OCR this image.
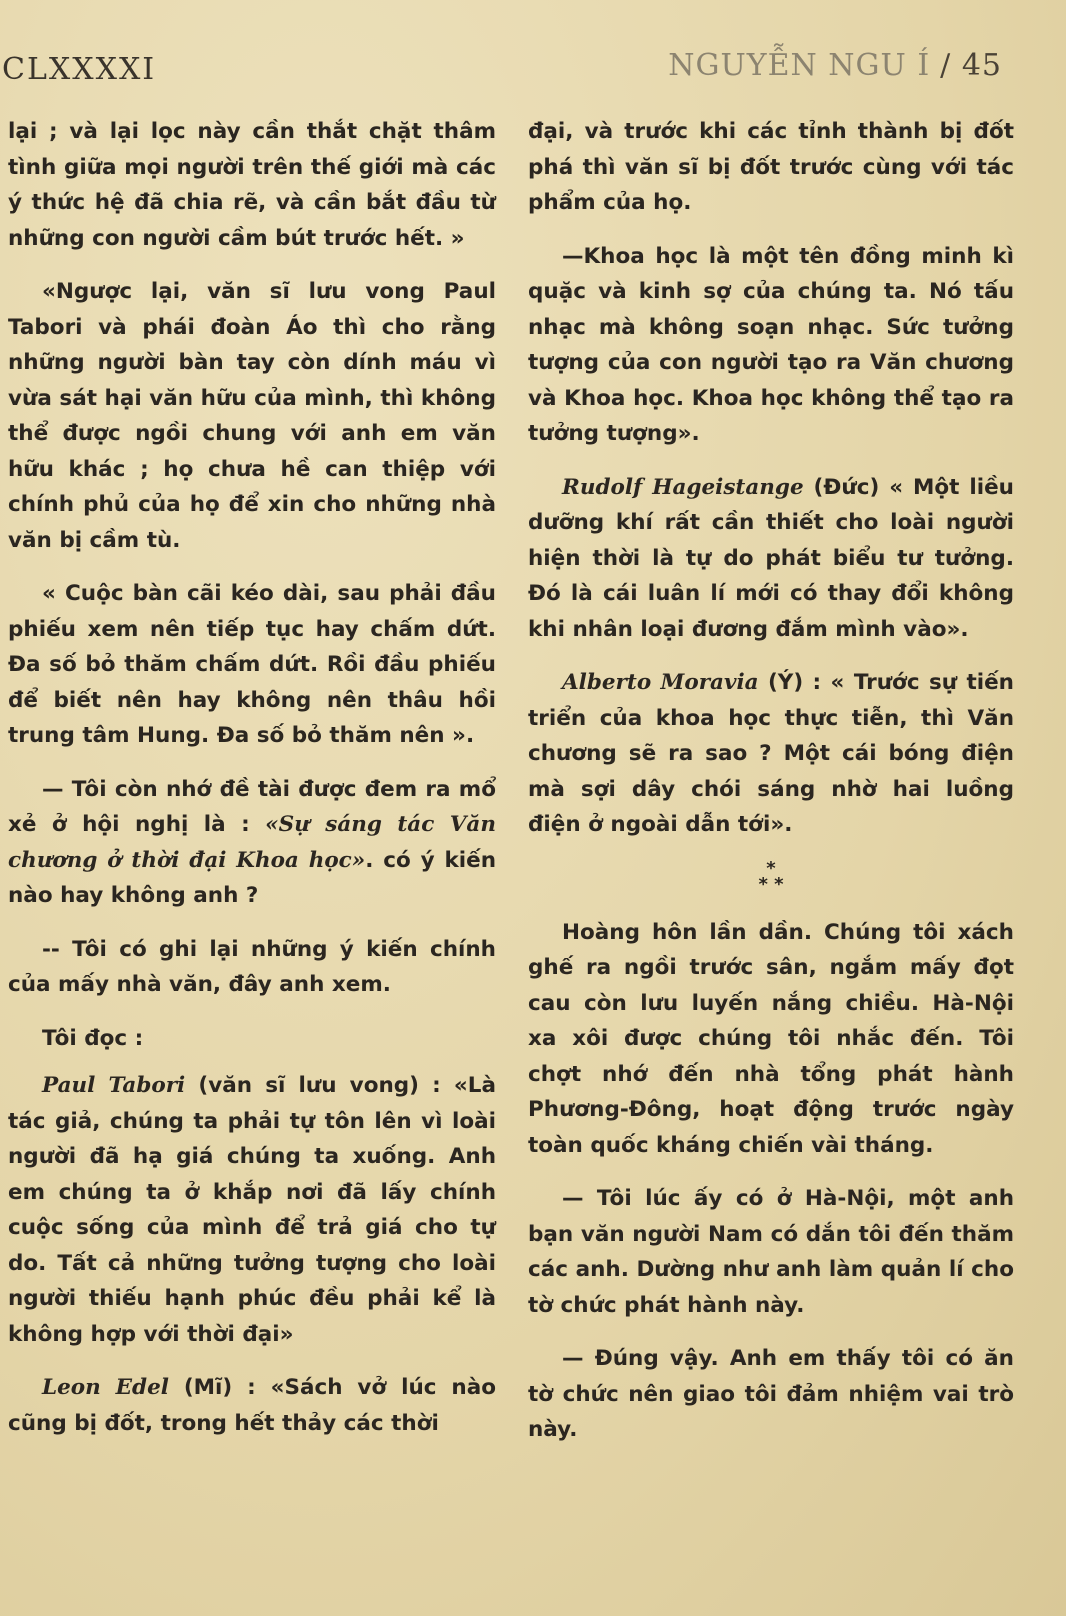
CLXXXXI	NGUYỄN NGU Í / 45

lại ; và lại lọc này cần thắt chặt thâm tình giữa mọi người trên thế giới mà các ý thức hệ đã chia rẽ, và cần bắt đầu từ những con người cầm bút trước hết. »

«Ngược lại, văn sĩ lưu vong Paul Tabori và phái đoàn Áo thì cho rằng những người bàn tay còn dính máu vì vừa sát hại văn hữu của mình, thì không thể được ngồi chung với anh em văn hữu khác ; họ chưa hề can thiệp với chính phủ của họ để xin cho những nhà văn bị cầm tù.

« Cuộc bàn cãi kéo dài, sau phải đầu phiếu xem nên tiếp tục hay chấm dứt. Đa số bỏ thăm chấm dứt. Rồi đầu phiếu để biết nên hay không nên thâu hồi trung tâm Hung. Đa số bỏ thăm nên ».

— Tôi còn nhớ đề tài được đem ra mổ xẻ ở hội nghị là : «Sự sáng tác Văn chương ở thời đại Khoa học». có ý kiến nào hay không anh ?

-- Tôi có ghi lại những ý kiến chính của mấy nhà văn, đây anh xem.

Tôi đọc :

Paul Tabori (văn sĩ lưu vong) : «Là tác giả, chúng ta phải tự tôn lên vì loài người đã hạ giá chúng ta xuống. Anh em chúng ta ở khắp nơi đã lấy chính cuộc sống của mình để trả giá cho tự do. Tất cả những tưởng tượng cho loài người thiếu hạnh phúc đều phải kể là không hợp với thời đại»

Leon Edel (Mĩ) : «Sách vở lúc nào cũng bị đốt, trong hết thảy các thời

đại, và trước khi các tỉnh thành bị đốt phá thì văn sĩ bị đốt trước cùng với tác phẩm của họ.

—Khoa học là một tên đồng minh kì quặc và kinh sợ của chúng ta. Nó tấu nhạc mà không soạn nhạc. Sức tưởng tượng của con người tạo ra Văn chương và Khoa học. Khoa học không thể tạo ra tưởng tượng».

Rudolf Hageistange (Đức) « Một liều dưỡng khí rất cần thiết cho loài người hiện thời là tự do phát biểu tư tưởng. Đó là cái luân lí mới có thay đổi không khi nhân loại đương đắm mình vào».

Alberto Moravia (Ý) : « Trước sự tiến triển của khoa học thực tiễn, thì Văn chương sẽ ra sao ? Một cái bóng điện mà sợi dây chói sáng nhờ hai luồng điện ở ngoài dẫn tới».

*
* *

Hoàng hôn lần dần. Chúng tôi xách ghế ra ngồi trước sân, ngắm mấy đọt cau còn lưu luyến nắng chiều. Hà-Nội xa xôi được chúng tôi nhắc đến. Tôi chợt nhớ đến nhà tổng phát hành Phương-Đông, hoạt động trước ngày toàn quốc kháng chiến vài tháng.

— Tôi lúc ấy có ở Hà-Nội, một anh bạn văn người Nam có dắn tôi đến thăm các anh. Dường như anh làm quản lí cho tờ chức phát hành này.

— Đúng vậy. Anh em thấy tôi có ăn tờ chức nên giao tôi đảm nhiệm vai trò này.
